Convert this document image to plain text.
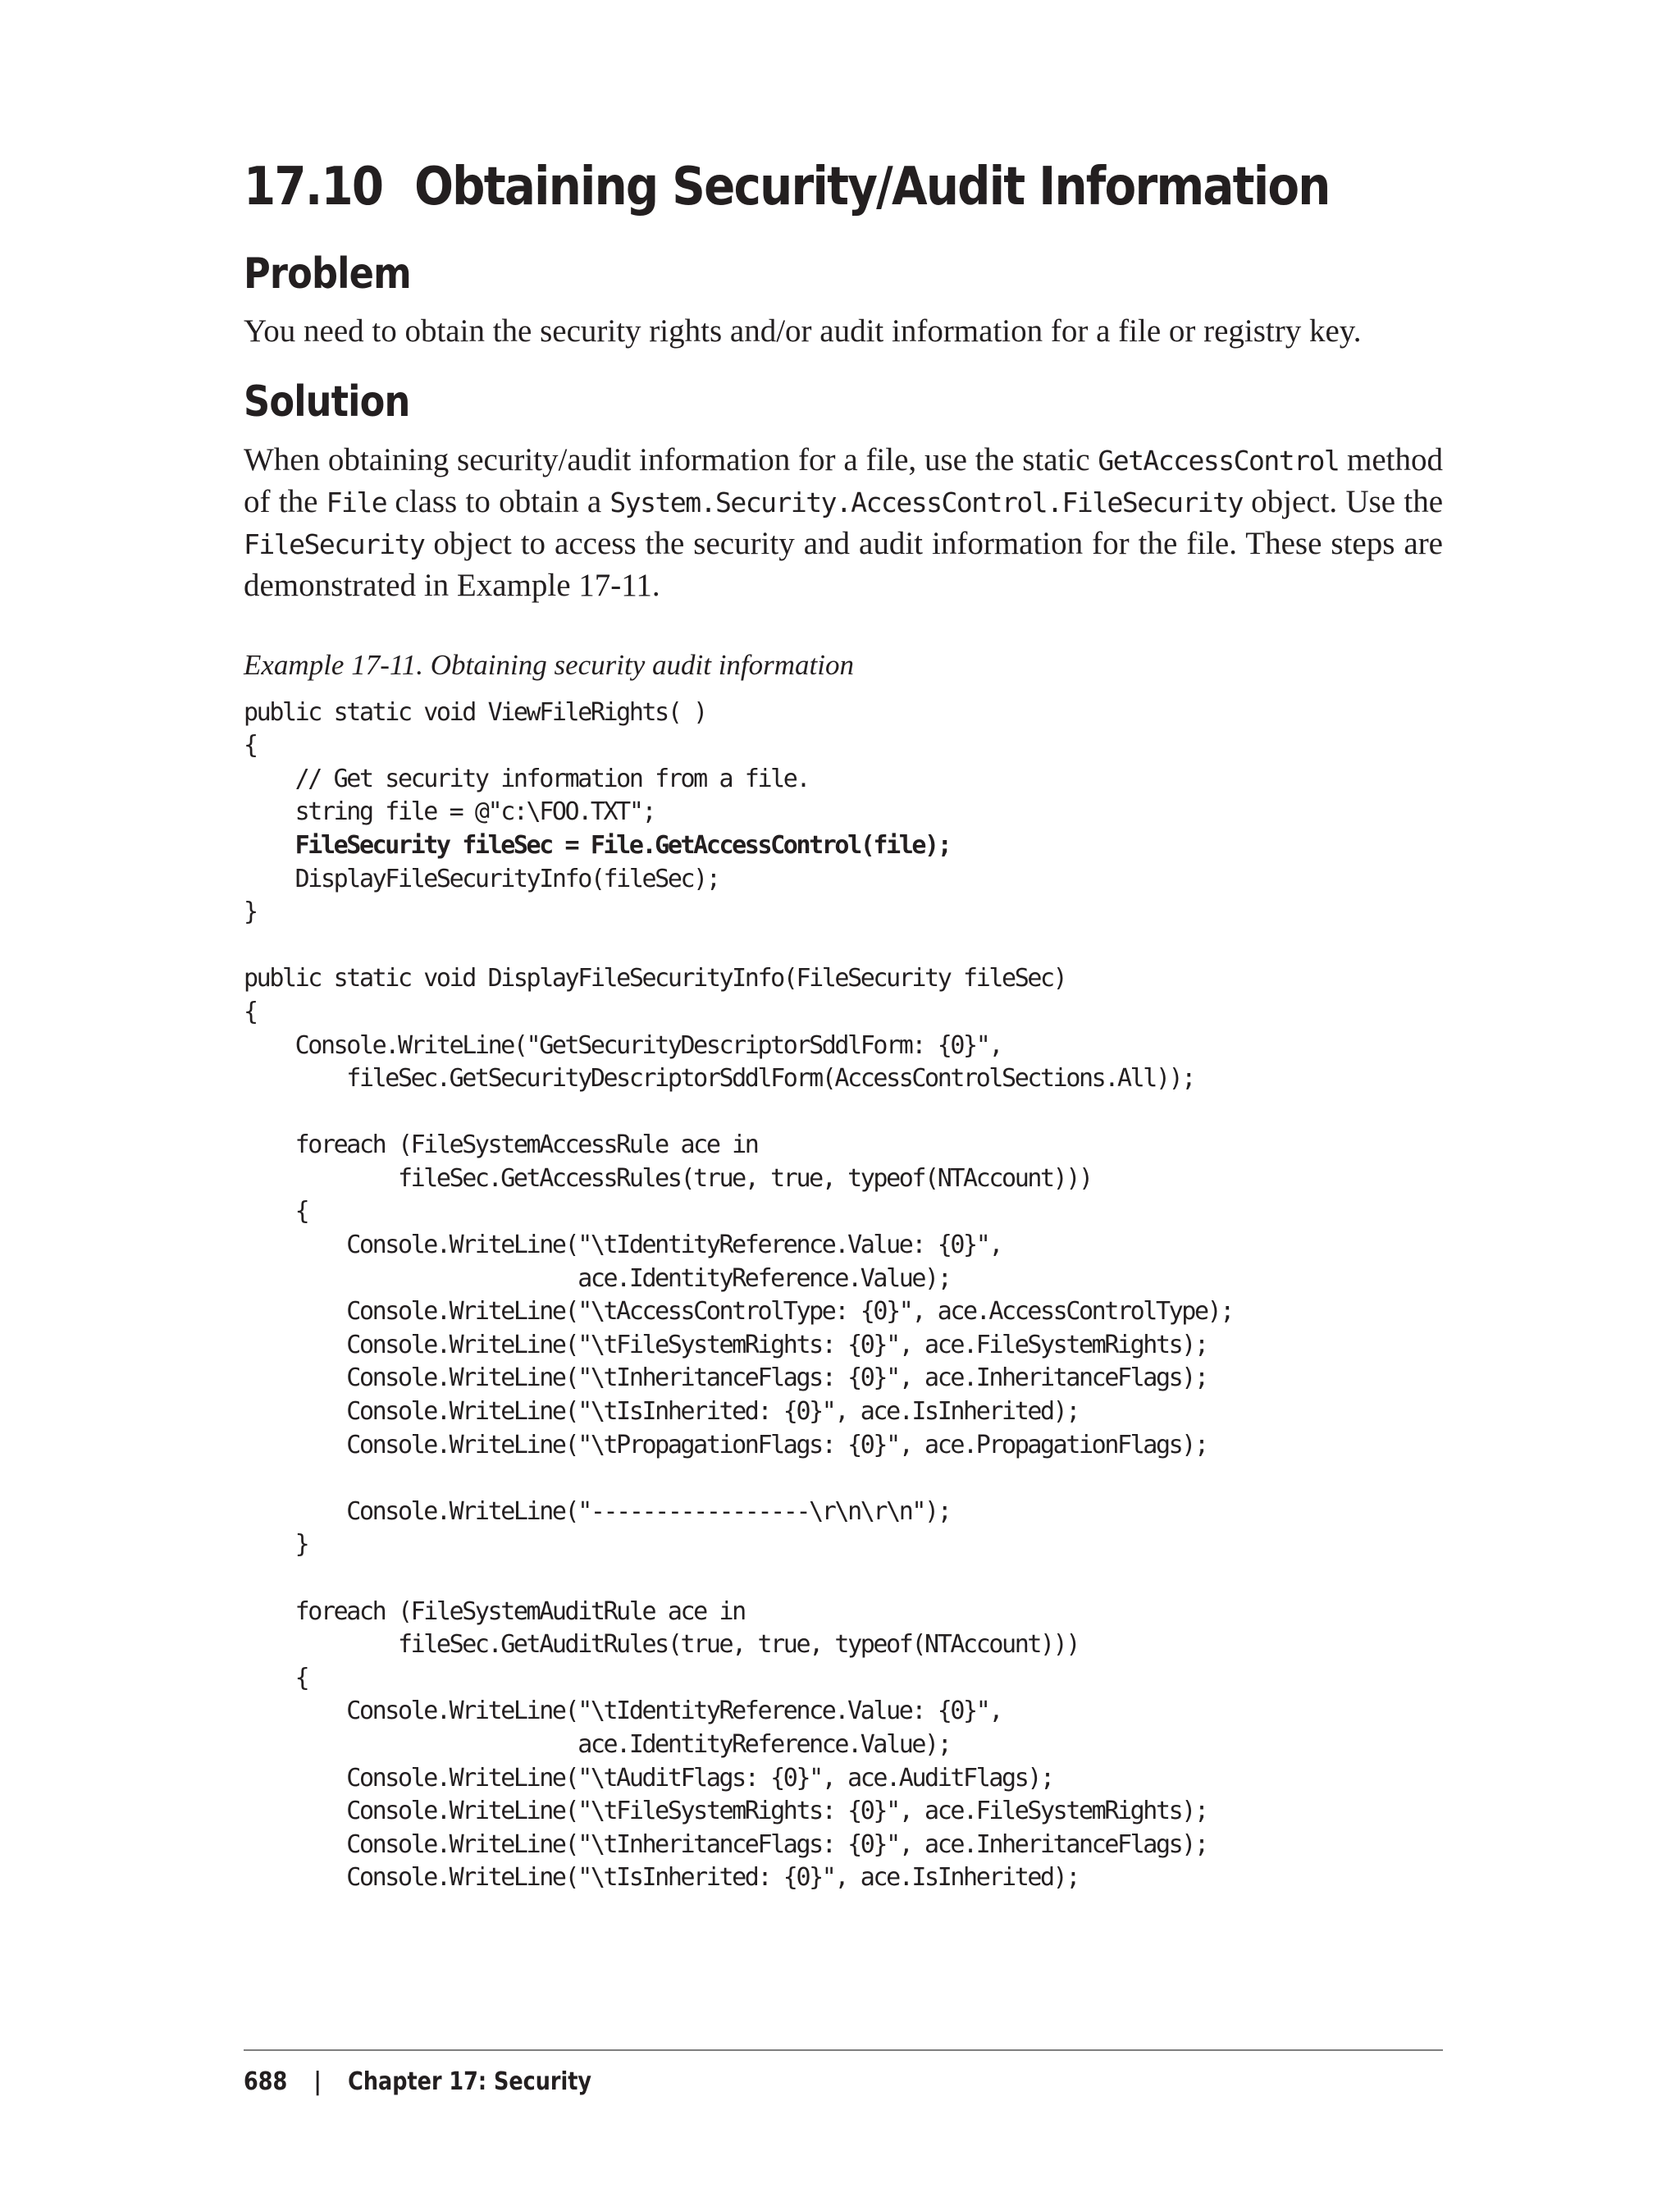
17.10 Obtaining Security/Audit Information
Problem

You need to obtain the security rights and/or audit information for a file or registry key.

Solution

When obtaining security/audit information for a file, use the static GetAccessControl method of the File class to obtain a System.Security.AccessControl.FileSecurity object. Use the FileSecurity object to access the security and audit information for the file. These steps are demonstrated in Example 17-11.

Example 17-11. Obtaining security audit information
public static void ViewFileRights( )
{
// Get security information from a file.
string file = @"c:\FOO.TXT";
FileSecurity fileSec = File.GetAccessControl(file);
DisplayFileSecurityInfo(fileSec);
}

public static void DisplayFileSecurityInfo(FileSecurity fileSec)
{
Console.WriteLine("GetSecurityDescriptorSddlForm: {0}",
fileSec.GetSecurityDescriptorSddlForm(AccessControlSections.All));

foreach (FileSystemAccessRule ace in
fileSec.GetAccessRules(true, true, typeof(NTAccount)))
{
Console.WriteLine("\tIdentityReference.Value: {0}",
ace.IdentityReference.Value);
Console.WriteLine("\tAccessControlType: {0}", ace.AccessControlType);
Console.WriteLine("\tFileSystemRights: {0}", ace.FileSystemRights);
Console.WriteLine("\tInheritanceFlags: {0}", ace.InheritanceFlags);
Console.WriteLine("\tIsInherited: {0}", ace.IsInherited);
Console.WriteLine("\tPropagationFlags: {0}", ace.PropagationFlags);

Console.WriteLine("-----------------\r\n\r\n");
}

foreach (FileSystemAuditRule ace in
fileSec.GetAuditRules(true, true, typeof(NTAccount)))
{
Console.WriteLine("\tIdentityReference.Value: {0}",
ace.IdentityReference.Value);
Console.WriteLine("\tAuditFlags: {0}", ace.AuditFlags);
Console.WriteLine("\tFileSystemRights: {0}", ace.FileSystemRights);
Console.WriteLine("\tInheritanceFlags: {0}", ace.InheritanceFlags);
Console.WriteLine("\tIsInherited: {0}", ace.IsInherited);
688 | Chapter 17: Security
